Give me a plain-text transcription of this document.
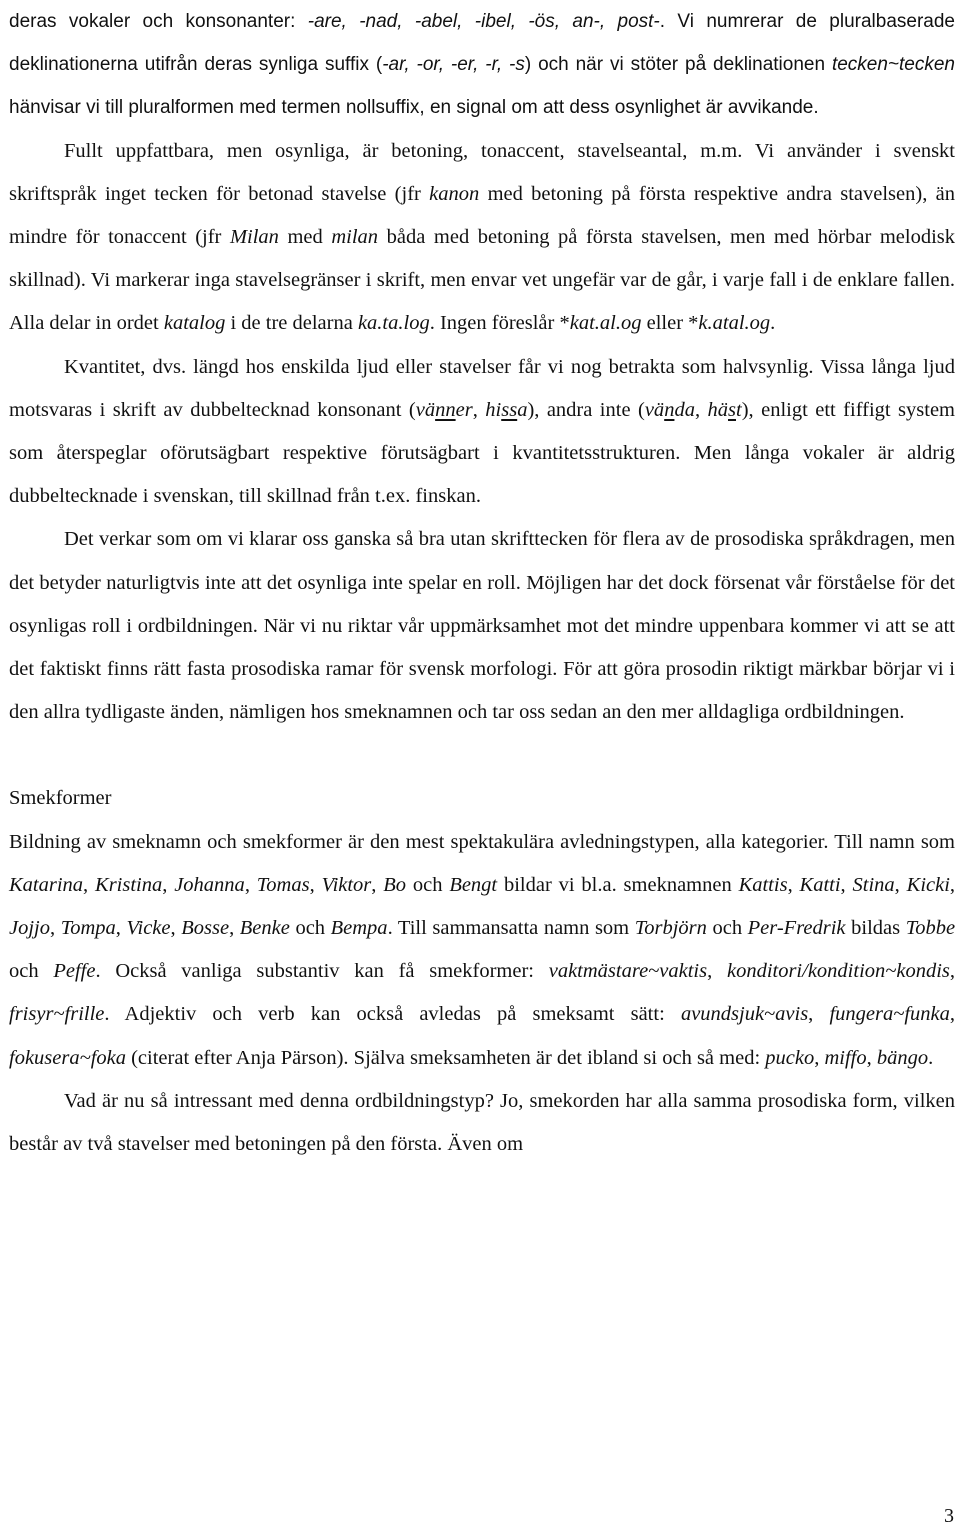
deras vokaler och konsonanter: -are, -nad, -abel, -ibel, -ös, an-, post-. Vi numrerar de pluralbaserade deklinationerna utifrån deras synliga suffix (-ar, -or, -er, -r, -s) och när vi stöter på deklinationen tecken~tecken hänvisar vi till pluralformen med termen nollsuffix, en signal om att dess osynlighet är avvikande.

Fullt uppfattbara, men osynliga, är betoning, tonaccent, stavelseantal, m.m. Vi använder i svenskt skriftspråk inget tecken för betonad stavelse (jfr kanon med betoning på första respektive andra stavelsen), än mindre för tonaccent (jfr Milan med milan båda med betoning på första stavelsen, men med hörbar melodisk skillnad). Vi markerar inga stavelsegränser i skrift, men envar vet ungefär var de går, i varje fall i de enklare fallen. Alla delar in ordet katalog i de tre delarna ka.ta.log. Ingen föreslår *kat.al.og eller *k.atal.og.

Kvantitet, dvs. längd hos enskilda ljud eller stavelser får vi nog betrakta som halvsynlig. Vissa långa ljud motsvaras i skrift av dubbeltecknad konsonant (vänner, hissa), andra inte (vända, häst), enligt ett fiffigt system som återspeglar oförutsägbart respektive förutsägbart i kvantitetsstrukturen. Men långa vokaler är aldrig dubbeltecknade i svenskan, till skillnad från t.ex. finskan.

Det verkar som om vi klarar oss ganska så bra utan skrifttecken för flera av de prosodiska språkdragen, men det betyder naturligtvis inte att det osynliga inte spelar en roll. Möjligen har det dock försenat vår förståelse för det osynligas roll i ordbildningen. När vi nu riktar vår uppmärksamhet mot det mindre uppenbara kommer vi att se att det faktiskt finns rätt fasta prosodiska ramar för svensk morfologi. För att göra prosodin riktigt märkbar börjar vi i den allra tydligaste änden, nämligen hos smeknamnen och tar oss sedan an den mer alldagliga ordbildningen.

Smekformer

Bildning av smeknamn och smekformer är den mest spektakulära avledningstypen, alla kategorier. Till namn som Katarina, Kristina, Johanna, Tomas, Viktor, Bo och Bengt bildar vi bl.a. smeknamnen Kattis, Katti, Stina, Kicki, Jojjo, Tompa, Vicke, Bosse, Benke och Bempa. Till sammansatta namn som Torbjörn och Per-Fredrik bildas Tobbe och Peffe. Också vanliga substantiv kan få smekformer: vaktmästare~vaktis, konditori/kondition~kondis, frisyr~frille. Adjektiv och verb kan också avledas på smeksamt sätt: avundsjuk~avis, fungera~funka, fokusera~foka (citerat efter Anja Pärson). Själva smeksamheten är det ibland si och så med: pucko, miffo, bängo.

Vad är nu så intressant med denna ordbildningstyp? Jo, smekorden har alla samma prosodiska form, vilken består av två stavelser med betoningen på den första. Även om

3
